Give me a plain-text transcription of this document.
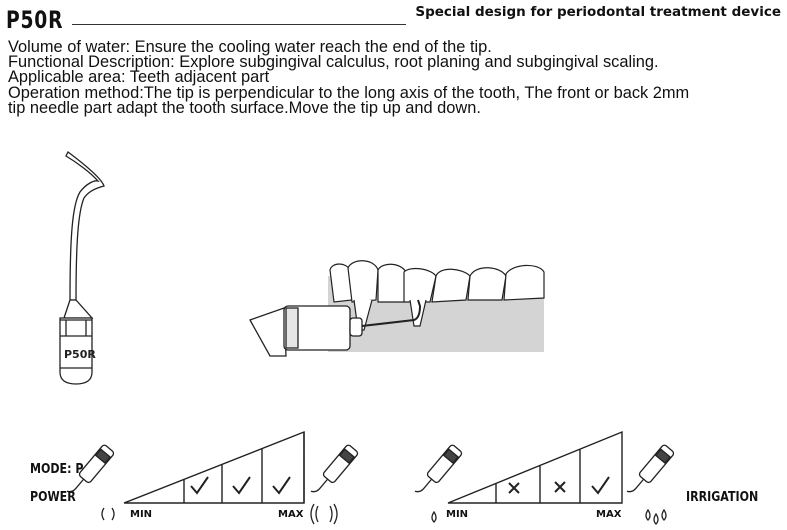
P50R	Special design for periodontal treatment device

Volume of water: Ensure the cooling water reach the end of the tip.

Functional Description: Explore subgingival calculus, root planing and subgingival scaling.

Applicable area: Teeth adjacent part

Operation method:The tip is perpendicular to the long axis of the tooth, The front or back 2mm

tip needle part adapt the tooth surface.Move the tip up and down.

P50R
MODE: P
POWER	IRRIGATION
MIN	MAX	MIN	MAX
